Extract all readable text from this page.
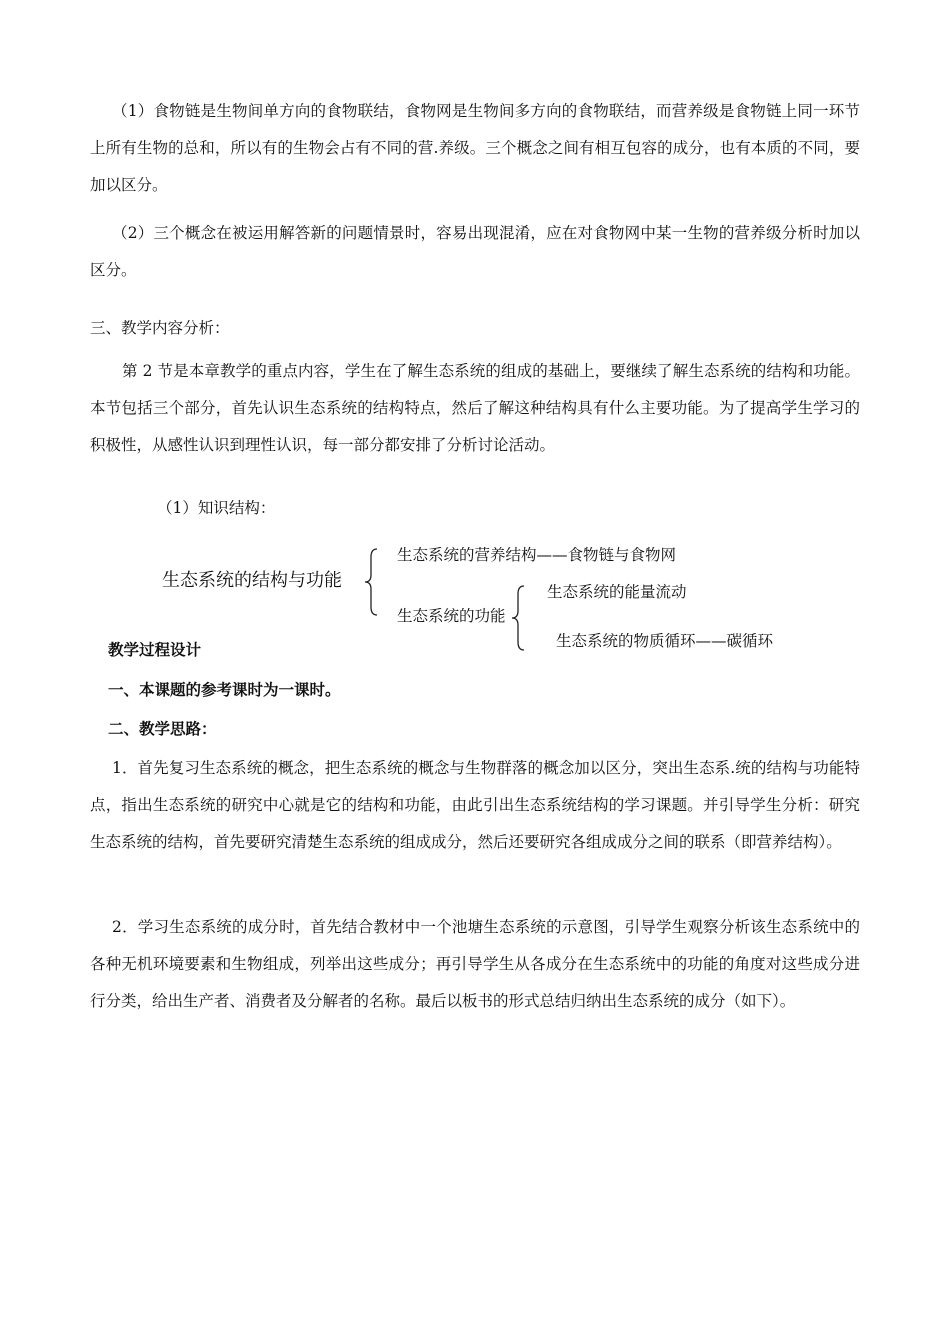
（1）食物链是生物间单方向的食物联结，食物网是生物间多方向的食物联结，而营养级是食物链上同一环节上所有生物的总和，所以有的生物会占有不同的营.养级。三个概念之间有相互包容的成分，也有本质的不同，要加以区分。
（2）三个概念在被运用解答新的问题情景时，容易出现混淆，应在对食物网中某一生物的营养级分析时加以区分。
三、教学内容分析：
第 2 节是本章教学的重点内容，学生在了解生态系统的组成的基础上，要继续了解生态系统的结构和功能。本节包括三个部分，首先认识生态系统的结构特点，然后了解这种结构具有什么主要功能。为了提高学生学习的积极性，从感性认识到理性认识，每一部分都安排了分析讨论活动。
（1）知识结构：
生态系统的结构与功能
生态系统的营养结构——食物链与食物网
生态系统的功能
生态系统的能量流动
生态系统的物质循环——碳循环
教学过程设计
一、本课题的参考课时为一课时。
二、教学思路：
1．首先复习生态系统的概念，把生态系统的概念与生物群落的概念加以区分，突出生态系.统的结构与功能特点，指出生态系统的研究中心就是它的结构和功能，由此引出生态系统结构的学习课题。并引导学生分析：研究生态系统的结构，首先要研究清楚生态系统的组成成分，然后还要研究各组成成分之间的联系（即营养结构）。
2．学习生态系统的成分时，首先结合教材中一个池塘生态系统的示意图，引导学生观察分析该生态系统中的各种无机环境要素和生物组成，列举出这些成分；再引导学生从各成分在生态系统中的功能的角度对这些成分进行分类，给出生产者、消费者及分解者的名称。最后以板书的形式总结归纳出生态系统的成分（如下）。
